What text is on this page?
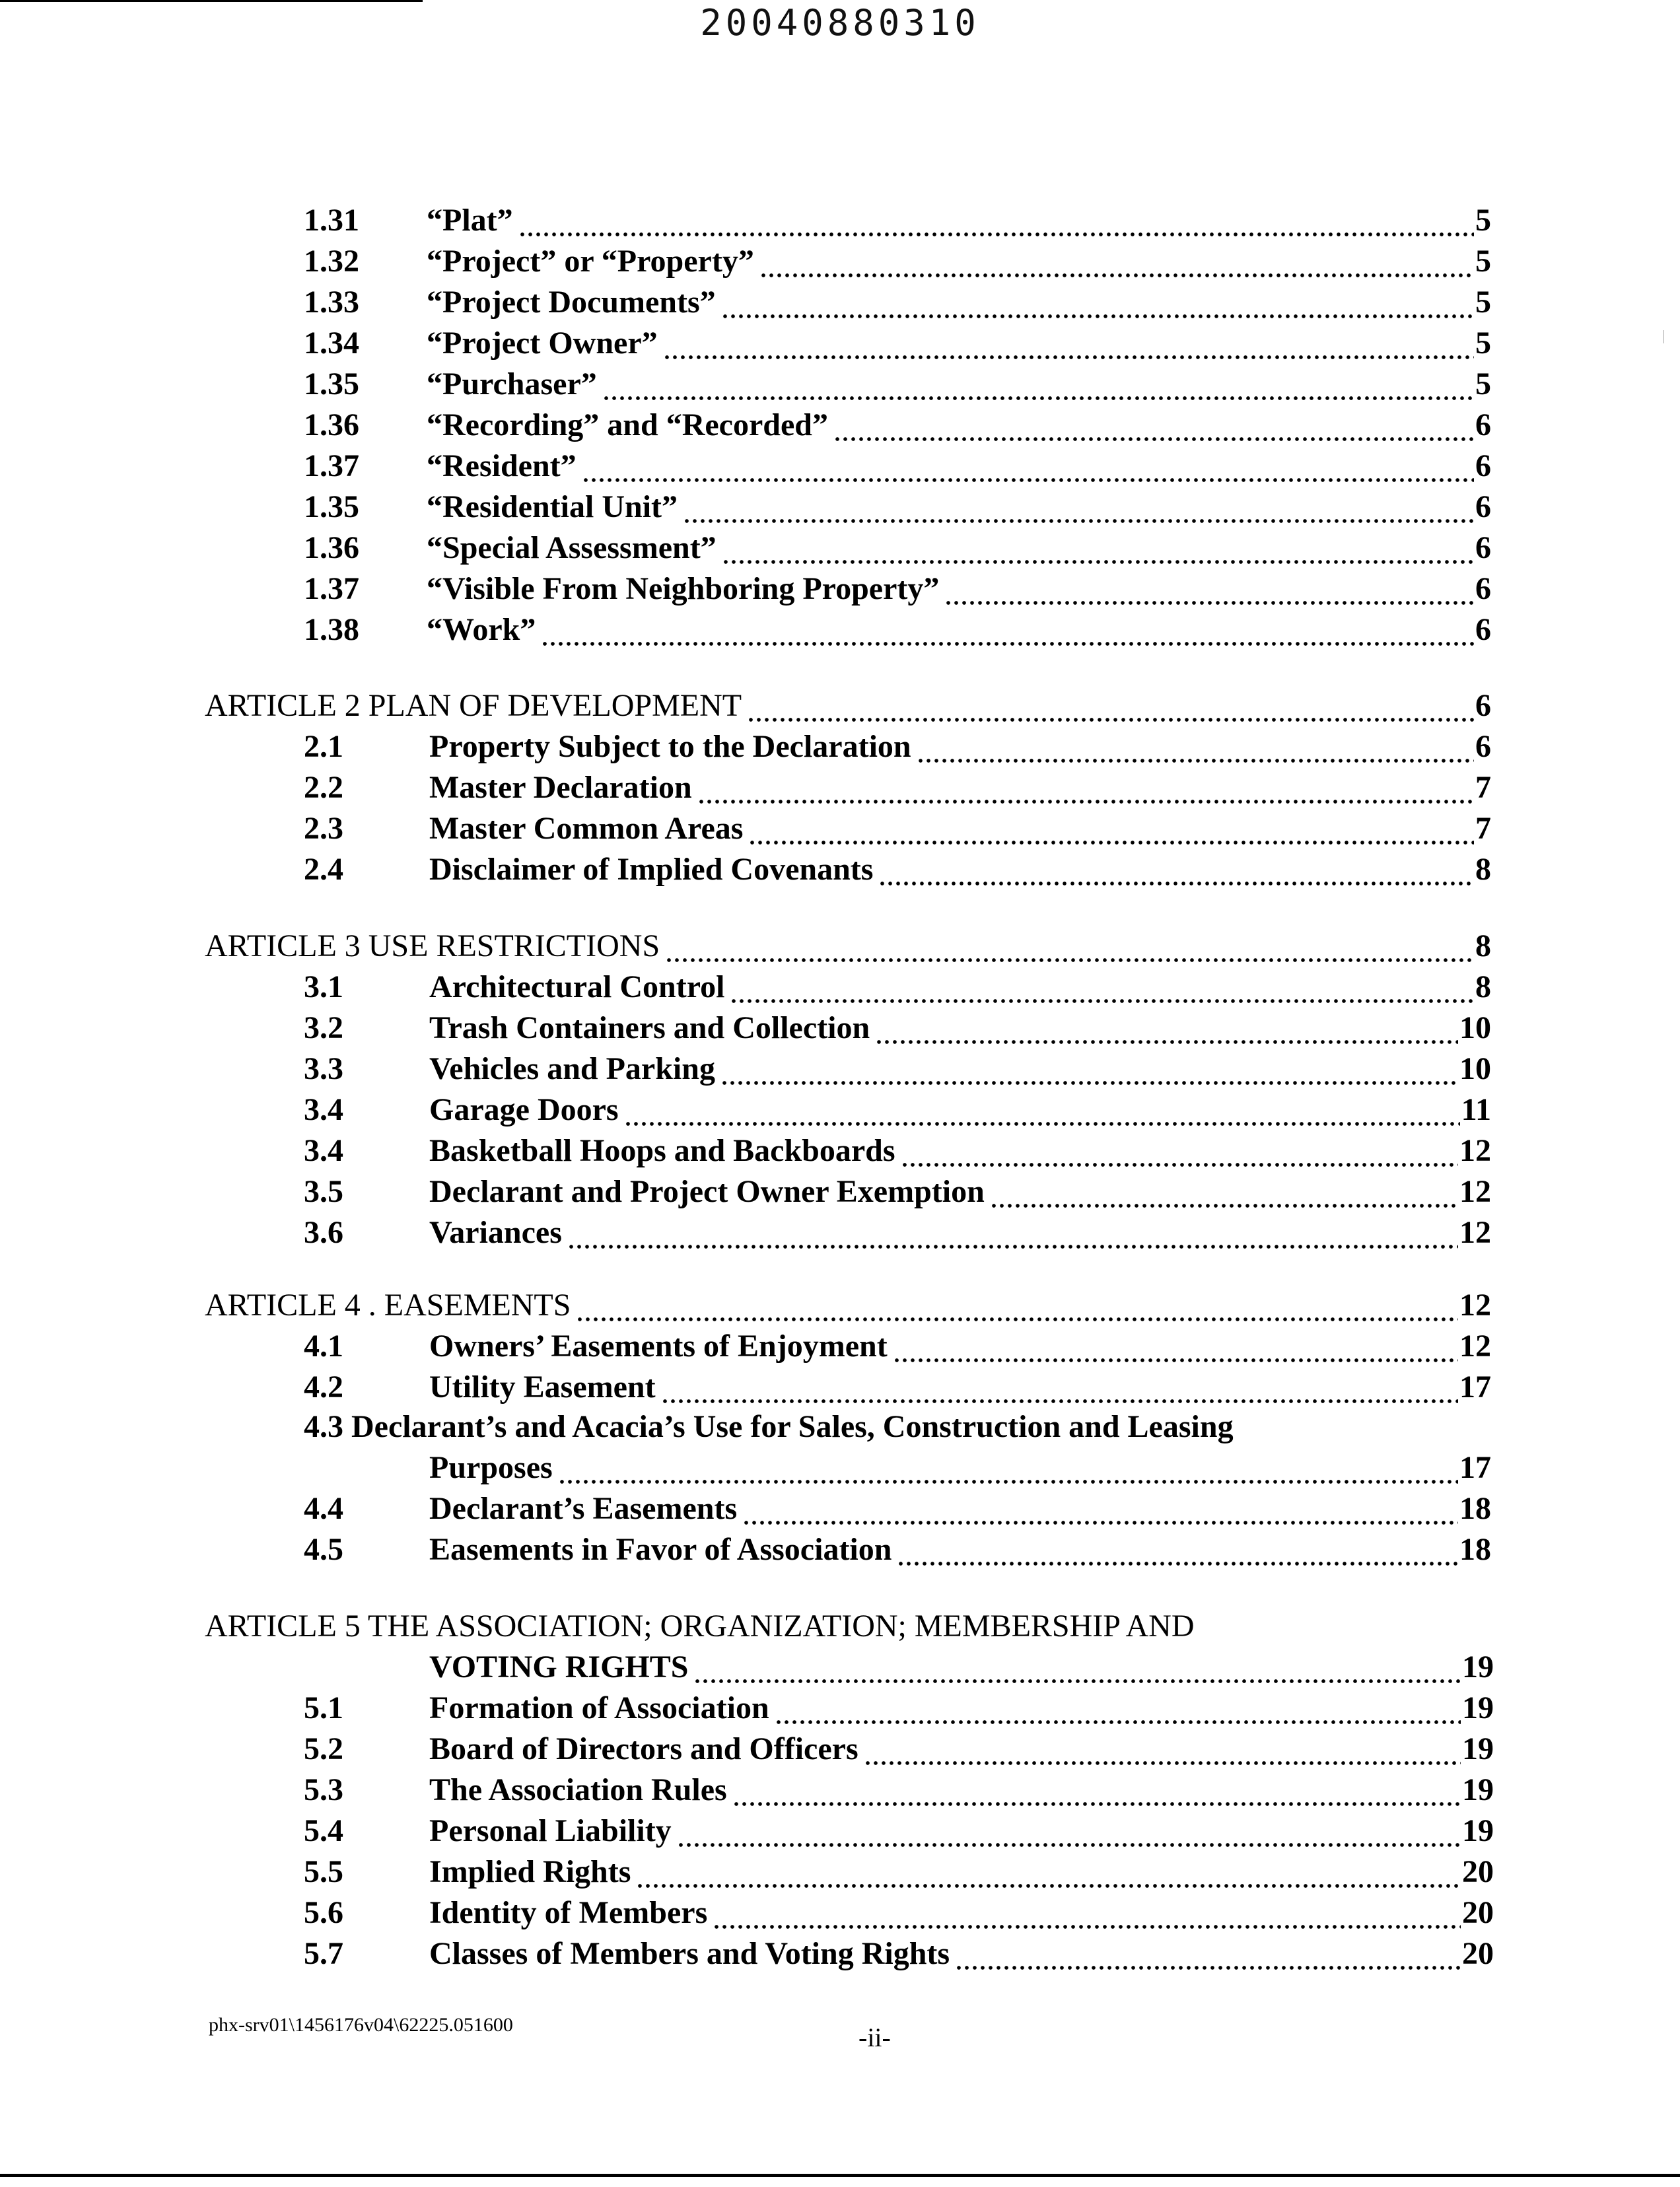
20040880310
1.31	“Plat”	5
1.32	“Project” or “Property”	5
1.33	“Project Documents”	5
1.34	“Project Owner”	5
1.35	“Purchaser”	5
1.36	“Recording” and “Recorded”	6
1.37	“Resident”	6
1.35	“Residential Unit”	6
1.36	“Special Assessment”	6
1.37	“Visible From Neighboring Property”	6
1.38	“Work”	6
ARTICLE 2 PLAN OF DEVELOPMENT	6
2.1	Property Subject to the Declaration	6
2.2	Master Declaration	7
2.3	Master Common Areas	7
2.4	Disclaimer of Implied Covenants	8
ARTICLE 3 USE RESTRICTIONS	8
3.1	Architectural Control	8
3.2	Trash Containers and Collection	10
3.3	Vehicles and Parking	10
3.4	Garage Doors	11
3.4	Basketball Hoops and Backboards	12
3.5	Declarant and Project Owner Exemption	12
3.6	Variances	12
ARTICLE 4 . EASEMENTS	12
4.1	Owners’ Easements of Enjoyment	12
4.2	Utility Easement	17
4.3 Declarant’s and Acacia’s Use for Sales, Construction and Leasing
Purposes	17
4.4	Declarant’s Easements	18
4.5	Easements in Favor of Association	18
ARTICLE 5 THE ASSOCIATION; ORGANIZATION; MEMBERSHIP AND
VOTING RIGHTS	19
5.1	Formation of Association	19
5.2	Board of Directors and Officers	19
5.3	The Association Rules	19
5.4	Personal Liability	19
5.5	Implied Rights	20
5.6	Identity of Members	20
5.7	Classes of Members and Voting Rights	20
phx-srv01\1456176v04\62225.051600	-ii-
